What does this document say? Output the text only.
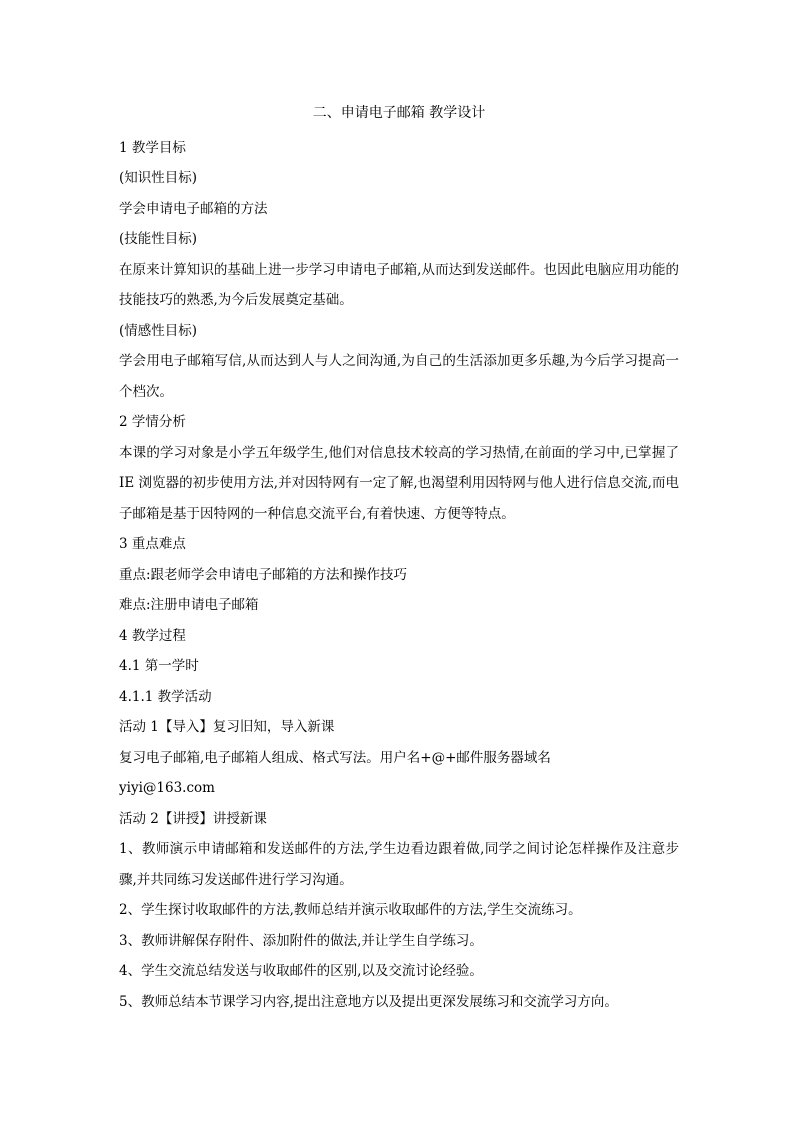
二、申请电子邮箱 教学设计

1 教学目标

(知识性目标)

学会申请电子邮箱的方法

(技能性目标)

在原来计算知识的基础上进一步学习申请电子邮箱,从而达到发送邮件。也因此电脑应用功能的技能技巧的熟悉,为今后发展奠定基础。

(情感性目标)

学会用电子邮箱写信,从而达到人与人之间沟通,为自己的生活添加更多乐趣,为今后学习提高一个档次。

2 学情分析

本课的学习对象是小学五年级学生,他们对信息技术较高的学习热情,在前面的学习中,已掌握了 IE 浏览器的初步使用方法,并对因特网有一定了解,也渴望利用因特网与他人进行信息交流,而电子邮箱是基于因特网的一种信息交流平台,有着快速、方便等特点。

3 重点难点

重点:跟老师学会申请电子邮箱的方法和操作技巧

难点:注册申请电子邮箱

4 教学过程

4.1 第一学时

4.1.1 教学活动

活动 1【导入】复习旧知，导入新课

复习电子邮箱,电子邮箱人组成、格式写法。用户名+@+邮件服务器域名

yiyi@163.com

活动 2【讲授】讲授新课

1、教师演示申请邮箱和发送邮件的方法,学生边看边跟着做,同学之间讨论怎样操作及注意步骤,并共同练习发送邮件进行学习沟通。

2、学生探讨收取邮件的方法,教师总结并演示收取邮件的方法,学生交流练习。

3、教师讲解保存附件、添加附件的做法,并让学生自学练习。

4、学生交流总结发送与收取邮件的区别,以及交流讨论经验。

5、教师总结本节课学习内容,提出注意地方以及提出更深发展练习和交流学习方向。
